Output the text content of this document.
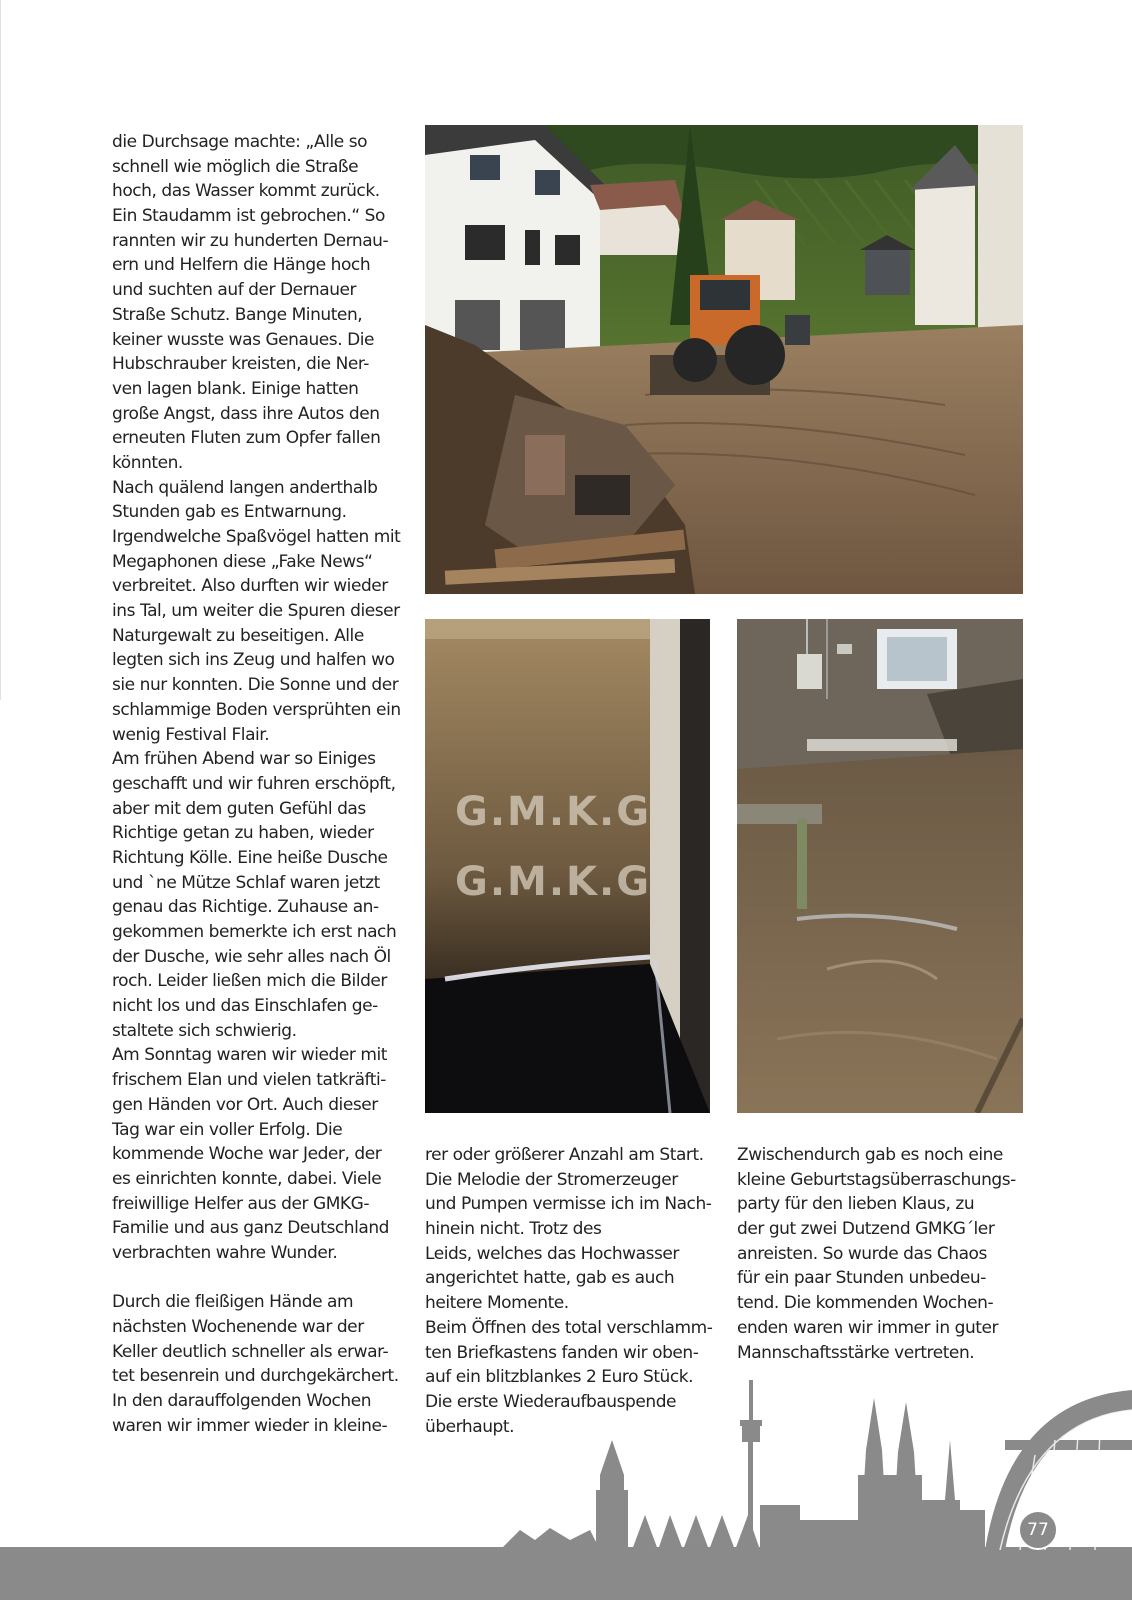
die Durchsage machte: „Alle so
schnell wie möglich die Straße
hoch, das Wasser kommt zurück.
Ein Staudamm ist gebrochen.“ So
rannten wir zu hunderten Dernau-
ern und Helfern die Hänge hoch
und suchten auf der Dernauer
Straße Schutz. Bange Minuten,
keiner wusste was Genaues. Die
Hubschrauber kreisten, die Ner-
ven lagen blank. Einige hatten
große Angst, dass ihre Autos den
erneuten Fluten zum Opfer fallen
könnten.
Nach quälend langen anderthalb
Stunden gab es Entwarnung.
Irgendwelche Spaßvögel hatten mit
Megaphonen diese „Fake News“
verbreitet. Also durften wir wieder
ins Tal, um weiter die Spuren dieser
Naturgewalt zu beseitigen. Alle
legten sich ins Zeug und halfen wo
sie nur konnten. Die Sonne und der
schlammige Boden versprühten ein
wenig Festival Flair.
Am frühen Abend war so Einiges
geschafft und wir fuhren erschöpft,
aber mit dem guten Gefühl das
Richtige getan zu haben, wieder
Richtung Kölle. Eine heiße Dusche
und `ne Mütze Schlaf waren jetzt
genau das Richtige. Zuhause an-
gekommen bemerkte ich erst nach
der Dusche, wie sehr alles nach Öl
roch. Leider ließen mich die Bilder
nicht los und das Einschlafen ge-
staltete sich schwierig.
Am Sonntag waren wir wieder mit
frischem Elan und vielen tatkräfti-
gen Händen vor Ort. Auch dieser
Tag war ein voller Erfolg. Die
kommende Woche war Jeder, der
es einrichten konnte, dabei. Viele
freiwillige Helfer aus der GMKG-
Familie und aus ganz Deutschland
verbrachten wahre Wunder.
Durch die fleißigen Hände am
nächsten Wochenende war der
Keller deutlich schneller als erwar-
tet besenrein und durchgekärchert.
In den darauffolgenden Wochen
waren wir immer wieder in kleine-
G.M.K.G
G.M.K.G
rer oder größerer Anzahl am Start.
Die Melodie der Stromerzeuger
und Pumpen vermisse ich im Nach-
hinein nicht. Trotz des
Leids, welches das Hochwasser
angerichtet hatte, gab es auch
heitere Momente.
Beim Öffnen des total verschlamm-
ten Briefkastens fanden wir oben-
auf ein blitzblankes 2 Euro Stück.
Die erste Wiederaufbauspende
überhaupt.
Zwischendurch gab es noch eine
kleine Geburtstagsüberraschungs-
party für den lieben Klaus, zu
der gut zwei Dutzend GMKG´ler
anreisten. So wurde das Chaos
für ein paar Stunden unbedeu-
tend. Die kommenden Wochen-
enden waren wir immer in guter
Mannschaftsstärke vertreten.
77
